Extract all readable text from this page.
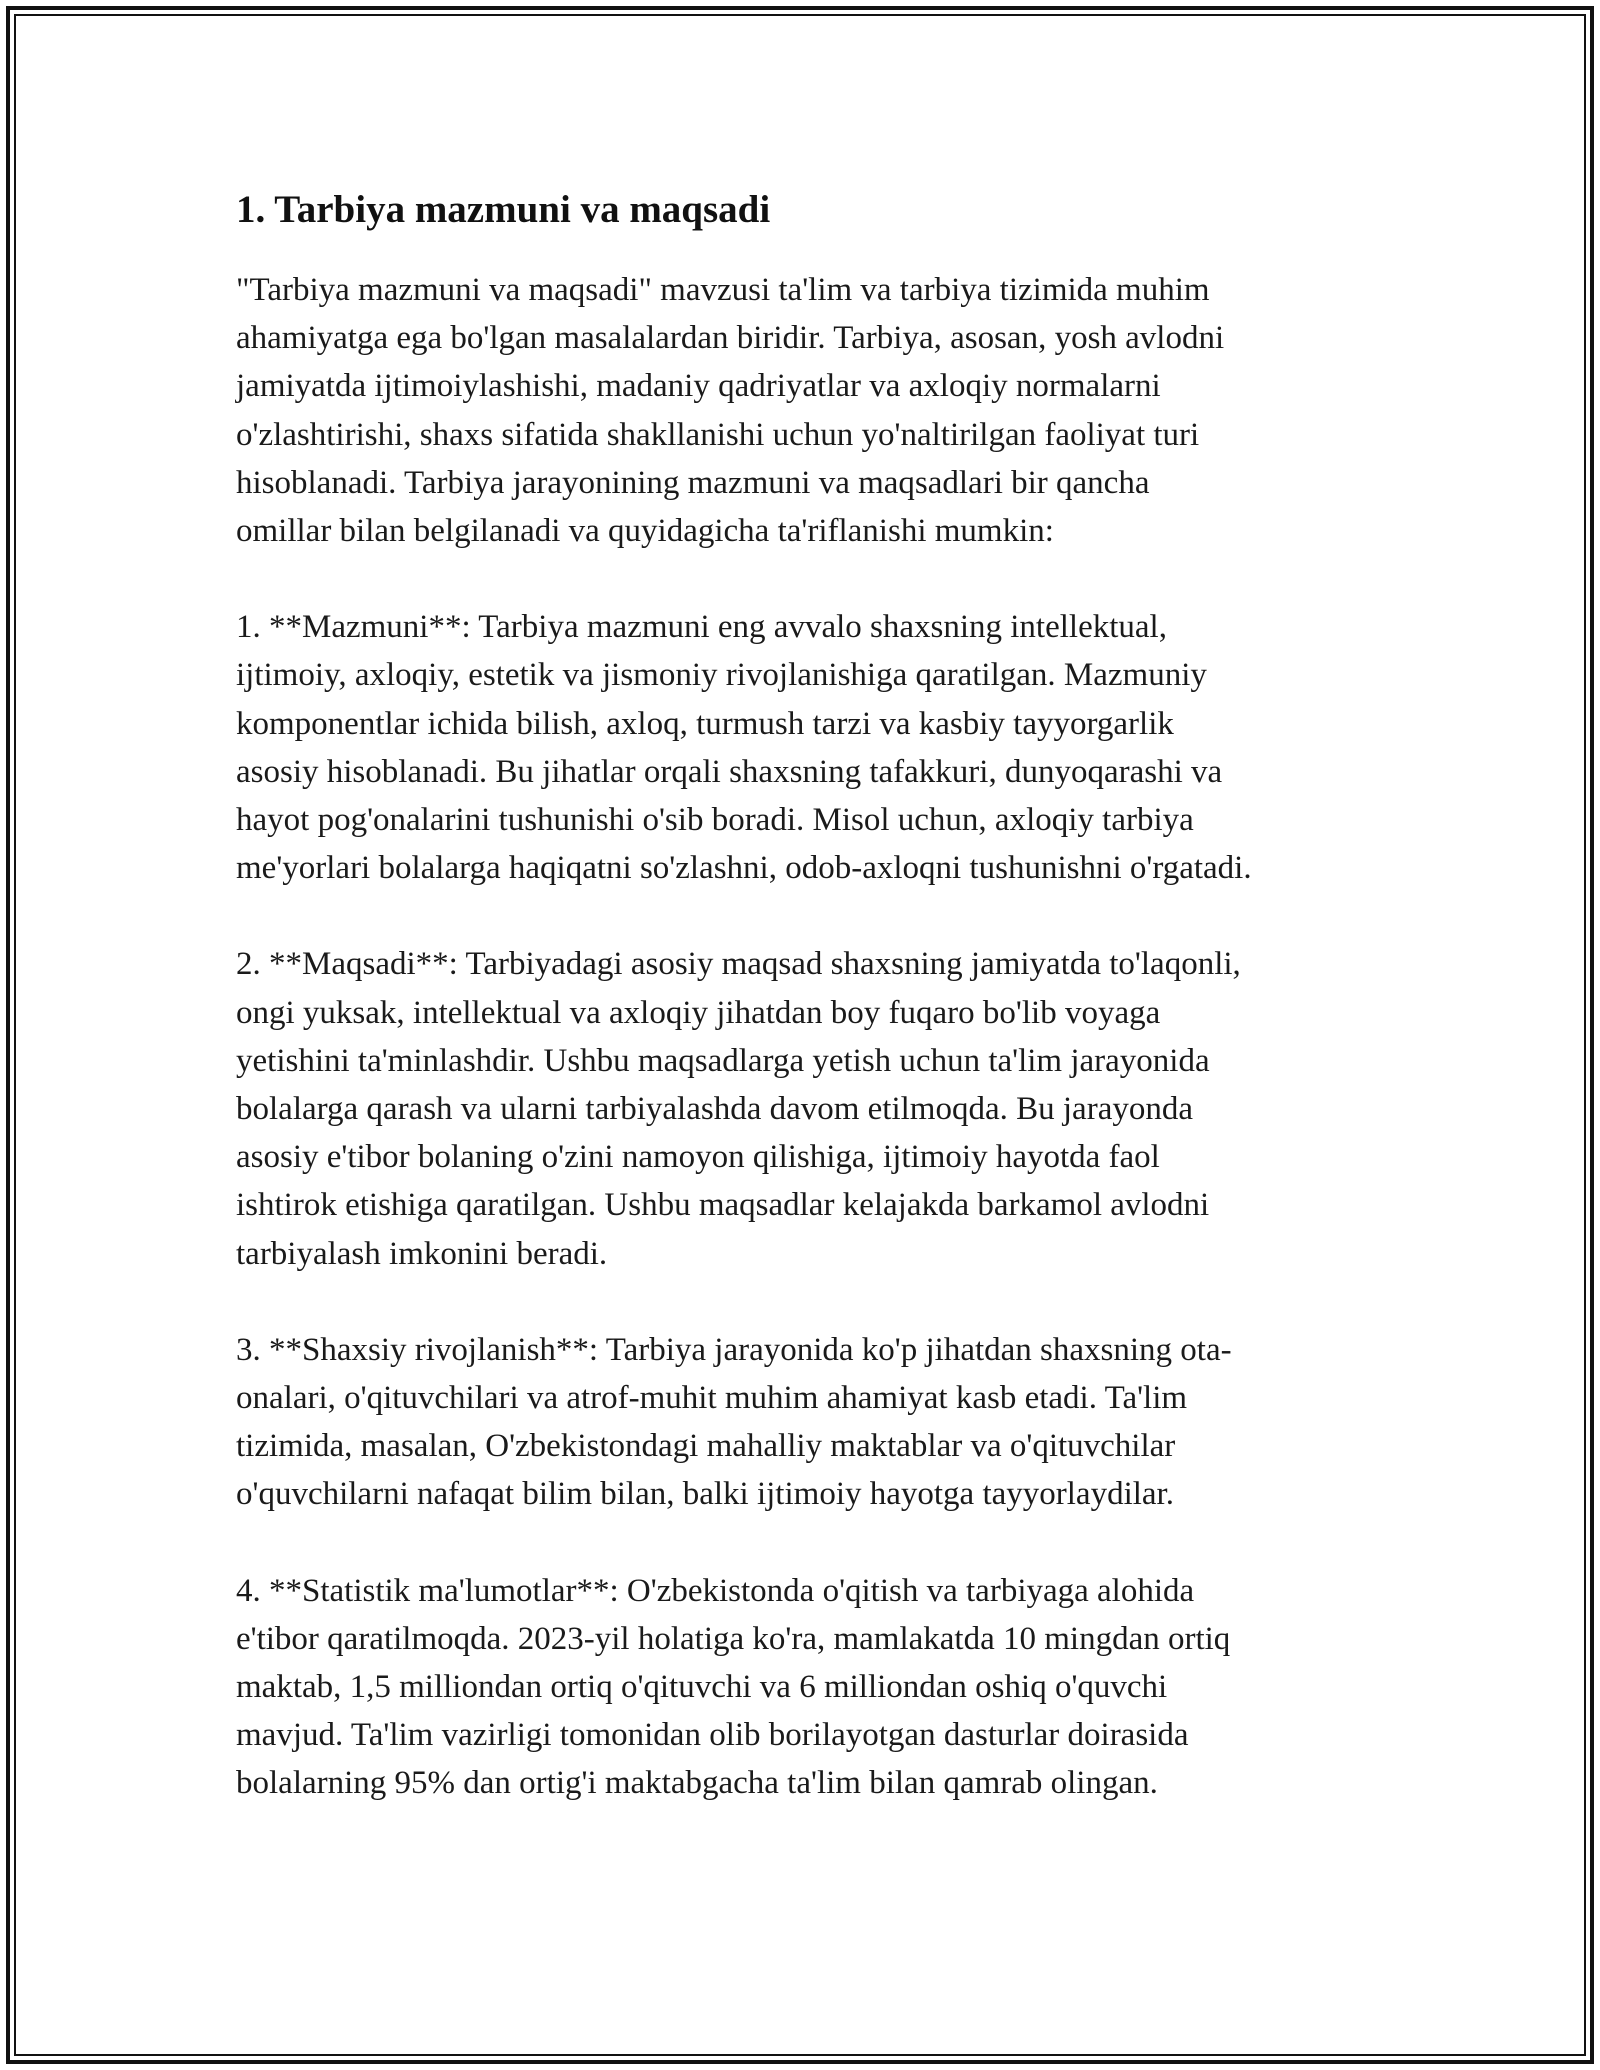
1. Tarbiya mazmuni va maqsadi

"Tarbiya mazmuni va maqsadi" mavzusi ta'lim va tarbiya tizimida muhim
ahamiyatga ega bo'lgan masalalardan biridir. Tarbiya, asosan, yosh avlodni
jamiyatda ijtimoiylashishi, madaniy qadriyatlar va axloqiy normalarni
o'zlashtirishi, shaxs sifatida shakllanishi uchun yo'naltirilgan faoliyat turi
hisoblanadi. Tarbiya jarayonining mazmuni va maqsadlari bir qancha
omillar bilan belgilanadi va quyidagicha ta'riflanishi mumkin:

1. **Mazmuni**: Tarbiya mazmuni eng avvalo shaxsning intellektual,
ijtimoiy, axloqiy, estetik va jismoniy rivojlanishiga qaratilgan. Mazmuniy
komponentlar ichida bilish, axloq, turmush tarzi va kasbiy tayyorgarlik
asosiy hisoblanadi. Bu jihatlar orqali shaxsning tafakkuri, dunyoqarashi va
hayot pog'onalarini tushunishi o'sib boradi. Misol uchun, axloqiy tarbiya
me'yorlari bolalarga haqiqatni so'zlashni, odob-axloqni tushunishni o'rgatadi.

2. **Maqsadi**: Tarbiyadagi asosiy maqsad shaxsning jamiyatda to'laqonli,
ongi yuksak, intellektual va axloqiy jihatdan boy fuqaro bo'lib voyaga
yetishini ta'minlashdir. Ushbu maqsadlarga yetish uchun ta'lim jarayonida
bolalarga qarash va ularni tarbiyalashda davom etilmoqda. Bu jarayonda
asosiy e'tibor bolaning o'zini namoyon qilishiga, ijtimoiy hayotda faol
ishtirok etishiga qaratilgan. Ushbu maqsadlar kelajakda barkamol avlodni
tarbiyalash imkonini beradi.

3. **Shaxsiy rivojlanish**: Tarbiya jarayonida ko'p jihatdan shaxsning ota-
onalari, o'qituvchilari va atrof-muhit muhim ahamiyat kasb etadi. Ta'lim
tizimida, masalan, O'zbekistondagi mahalliy maktablar va o'qituvchilar
o'quvchilarni nafaqat bilim bilan, balki ijtimoiy hayotga tayyorlaydilar.

4. **Statistik ma'lumotlar**: O'zbekistonda o'qitish va tarbiyaga alohida
e'tibor qaratilmoqda. 2023-yil holatiga ko'ra, mamlakatda 10 mingdan ortiq
maktab, 1,5 milliondan ortiq o'qituvchi va 6 milliondan oshiq o'quvchi
mavjud. Ta'lim vazirligi tomonidan olib borilayotgan dasturlar doirasida
bolalarning 95% dan ortig'i maktabgacha ta'lim bilan qamrab olingan.
